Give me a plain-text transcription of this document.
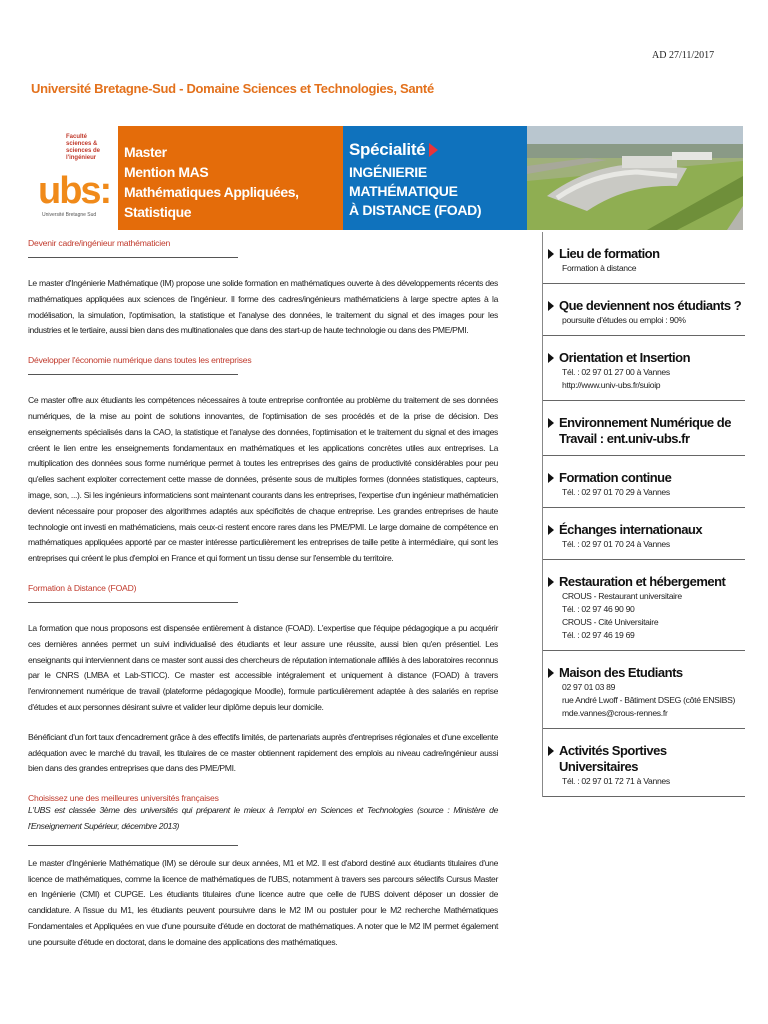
AD 27/11/2017
Université Bretagne-Sud - Domaine Sciences et Technologies, Santé
Faculté sciences & sciences de l'ingénieur
ubs:
Université Bretagne Sud
Master
Mention MAS
Mathématiques Appliquées, Statistique
Spécialité
INGÉNIERIE MATHÉMATIQUE
À DISTANCE (FOAD)
Devenir cadre/ingénieur mathématicien

Le master d'Ingénierie Mathématique (IM) propose une solide formation en mathématiques ouverte à des développements récents des mathématiques appliquées aux sciences de l'ingénieur. Il forme des cadres/ingénieurs mathématiciens à large spectre aptes à la modélisation, la simulation, l'optimisation, la statistique et l'analyse des données, le traitement du signal et des images pour les industries et le tertiaire, aussi bien dans des multinationales que dans des start-up de haute technologie ou dans des PME/PMI.

Développer l'économie numérique dans toutes les entreprises

Ce master offre aux étudiants les compétences nécessaires à toute entreprise confrontée au problème du traitement de ses données numériques, de la mise au point de solutions innovantes, de l'optimisation de ses procédés et de la prise de décision. Des enseignements spécialisés dans la CAO, la statistique et l'analyse des données, l'optimisation et le traitement du signal et des images créent le lien entre les enseignements fondamentaux en mathématiques et les applications concrètes utiles aux entreprises. La multiplication des données sous forme numérique permet à toutes les entreprises des gains de productivité considérables pour peu qu'elles sachent exploiter correctement cette masse de données, présente sous de multiples formes (données statistiques, capteurs, image, son, ...). Si les ingénieurs informaticiens sont maintenant courants dans les entreprises, l'expertise d'un ingénieur mathématicien devient nécessaire pour proposer des algorithmes adaptés aux spécificités de chaque entreprise. Les grandes entreprises de haute technologie ont investi en mathématiciens, mais ceux-ci restent encore rares dans les PME/PMI. Le large domaine de compétence en mathématiques appliquées apporté par ce master intéresse particulièrement les entreprises de taille petite à intermédiaire, qui sont les entreprises qui créent le plus d'emploi en France et qui forment un tissu dense sur l'ensemble du territoire.

Formation à Distance (FOAD)

La formation que nous proposons est dispensée entièrement à distance (FOAD). L'expertise que l'équipe pédagogique a pu acquérir ces dernières années permet un suivi individualisé des étudiants et leur assure une réussite, aussi bien qu'en présentiel. Les enseignants qui interviennent dans ce master sont aussi des chercheurs de réputation internationale affiliés à des laboratoires reconnus par le CNRS (LMBA et Lab-STICC). Ce master est accessible intégralement et uniquement à distance (FOAD) à travers l'environnement numérique de travail (plateforme pédagogique Moodle), formule particulièrement adaptée à des salariés en reprise d'études et aux personnes désirant suivre et valider leur diplôme depuis leur domicile.

Bénéficiant d'un fort taux d'encadrement grâce à des effectifs limités, de partenariats auprès d'entreprises régionales et d'une excellente adéquation avec le marché du travail, les titulaires de ce master obtiennent rapidement des emplois au niveau cadre/ingénieur aussi bien dans des grandes entreprises que dans des PME/PMI.

Choisissez une des meilleures universités françaises

L'UBS est classée 3ème des universités qui préparent le mieux à l'emploi en Sciences et Technologies (source : Ministère de l'Enseignement Supérieur, décembre 2013)

Le master d'Ingénierie Mathématique (IM) se déroule sur deux années, M1 et M2. Il est d'abord destiné aux étudiants titulaires d'une licence de mathématiques, comme la licence de mathématiques de l'UBS, notamment à travers ses parcours sélectifs Cursus Master en Ingénierie (CMI) et CUPGE. Les étudiants titulaires d'une licence autre que celle de l'UBS doivent déposer un dossier de candidature. A l'issue du M1, les étudiants peuvent poursuivre dans le M2 IM ou postuler pour le M2 recherche Mathématiques Fondamentales et Appliquées en vue d'une poursuite d'étude en doctorat de mathématiques. A noter que le M2 IM permet également une poursuite d'étude en doctorat, dans le domaine des applications des mathématiques.

Lieu de formation
Formation à distance
Que deviennent nos étudiants ?
poursuite d'études ou emploi : 90%
Orientation et Insertion
Tél. : 02 97 01 27 00 à Vannes
http://www.univ-ubs.fr/suioip
Environnement Numérique de Travail : ent.univ-ubs.fr
Formation continue
Tél. : 02 97 01 70 29 à Vannes
Échanges internationaux
Tél. : 02 97 01 70 24 à Vannes
Restauration et hébergement
CROUS - Restaurant universitaire
Tél. : 02 97 46 90 90
CROUS - Cité Universitaire
Tél. : 02 97 46 19 69
Maison des Etudiants
02 97 01 03 89
rue André Lwoff - Bâtiment DSEG (côté ENSIBS)
mde.vannes@crous-rennes.fr
Activités Sportives Universitaires
Tél. : 02 97 01 72 71 à Vannes
